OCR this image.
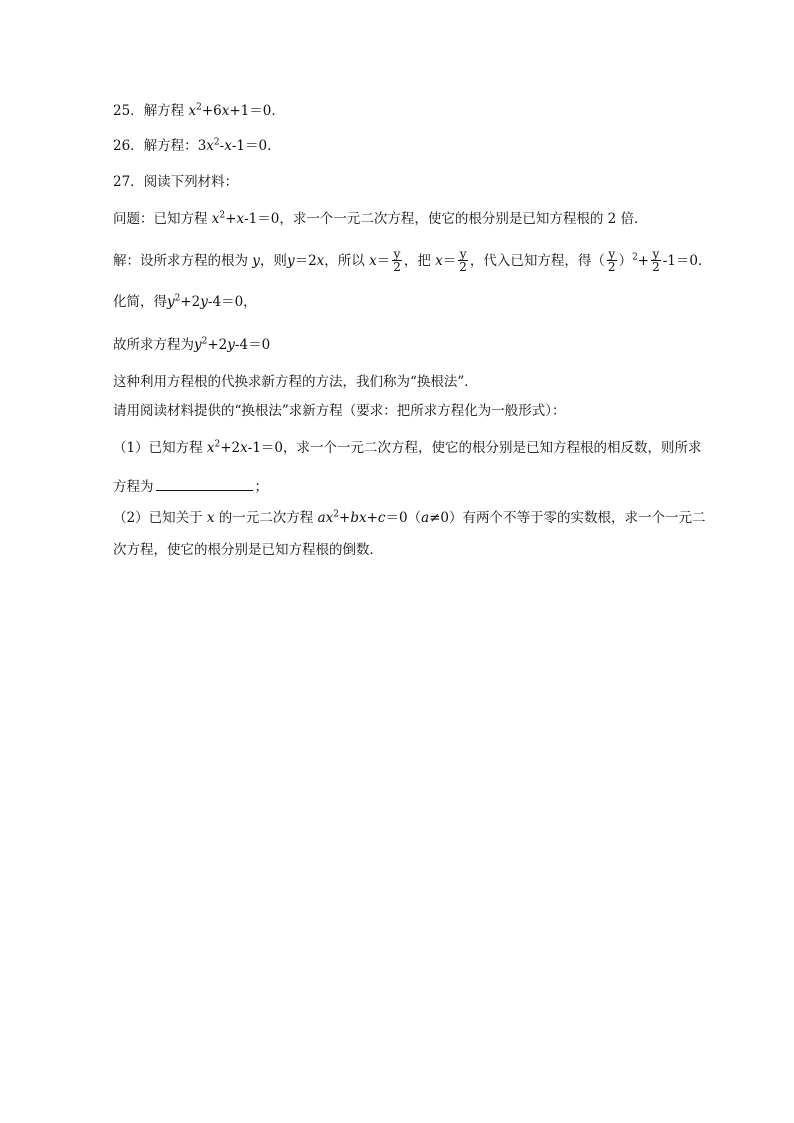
25．解方程 $x^2+6x+1=0$．
26．解方程：$3x^2-x-1=0$．
27．阅读下列材料：
问题：已知方程 $x^2+x-1=0$，求一个一元二次方程，使它的根分别是已知方程根的 2 倍．
解：设所求方程的根为 y，则y＝2x，所以 $x= \frac{y}{2}$ ，把 $x= \frac{y}{2}$ ，代入已知方程，得（ $\frac{y}{2} )^2+ \frac{y}{2} -1=0$．
化简，得$y^2+2y-4=0$，
故所求方程为$y^2+2y-4=0$
这种利用方程根的代换求新方程的方法，我们称为“换根法”．
请用阅读材料提供的“换根法”求新方程（要求：把所求方程化为一般形式）：
（1）已知方程 $x^2+2x-1=0$，求一个一元二次方程，使它的根分别是已知方程根的相反数，则所求
方程为	；
（2）已知关于 x 的一元二次方程 $ax^2+bx+c=0(a\ne 0)$有两个不等于零的实数根，求一个一元二
次方程，使它的根分别是已知方程根的倒数．
